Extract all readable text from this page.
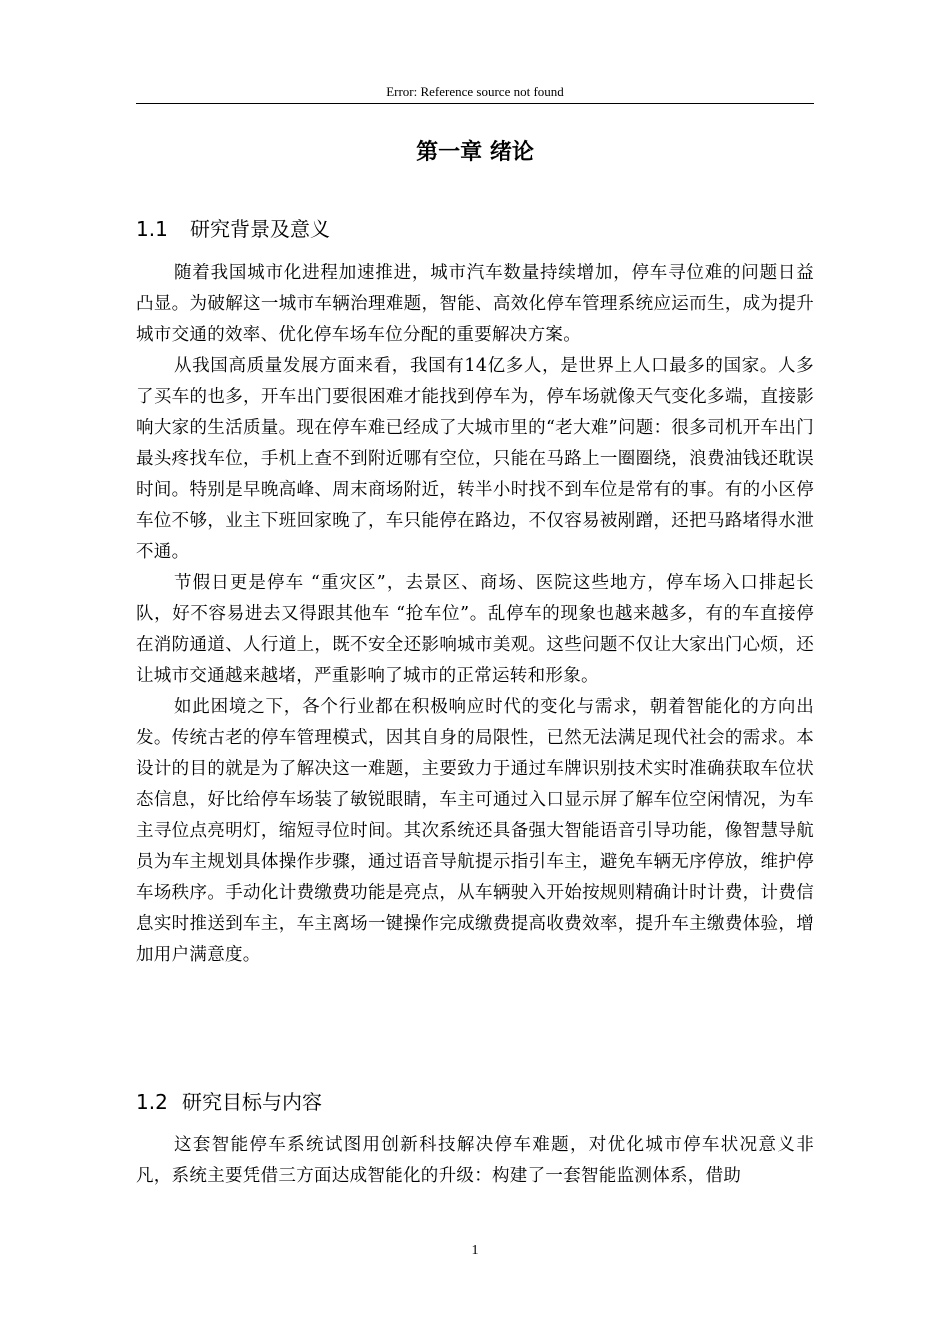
Error: Reference source not found
第一章 绪论
1.1 研究背景及意义

随着我国城市化进程加速推进，城市汽车数量持续增加，停车寻位难的问题日益凸显。为破解这一城市车辆治理难题，智能、高效化停车管理系统应运而生，成为提升城市交通的效率、优化停车场车位分配的重要解决方案。

从我国高质量发展方面来看，我国有14亿多人，是世界上人口最多的国家。人多了买车的也多，开车出门要很困难才能找到停车为，停车场就像天气变化多端，直接影响大家的生活质量。现在停车难已经成了大城市里的“老大难”问题：很多司机开车出门最头疼找车位，手机上查不到附近哪有空位，只能在马路上一圈圈绕，浪费油钱还耽误时间。特别是早晚高峰、周末商场附近，转半小时找不到车位是常有的事。有的小区停车位不够，业主下班回家晚了，车只能停在路边，不仅容易被剐蹭，还把马路堵得水泄不通。

节假日更是停车 “重灾区”，去景区、商场、医院这些地方，停车场入口排起长队，好不容易进去又得跟其他车 “抢车位”。乱停车的现象也越来越多，有的车直接停在消防通道、人行道上，既不安全还影响城市美观。这些问题不仅让大家出门心烦，还让城市交通越来越堵，严重影响了城市的正常运转和形象。

如此困境之下，各个行业都在积极响应时代的变化与需求，朝着智能化的方向出发。传统古老的停车管理模式，因其自身的局限性，已然无法满足现代社会的需求。本设计的目的就是为了解决这一难题，主要致力于通过车牌识别技术实时准确获取车位状态信息，好比给停车场装了敏锐眼睛，车主可通过入口显示屏了解车位空闲情况，为车主寻位点亮明灯，缩短寻位时间。其次系统还具备强大智能语音引导功能，像智慧导航员为车主规划具体操作步骤，通过语音导航提示指引车主，避免车辆无序停放，维护停车场秩序。手动化计费缴费功能是亮点，从车辆驶入开始按规则精确计时计费，计费信息实时推送到车主，车主离场一键操作完成缴费提高收费效率，提升车主缴费体验，增加用户满意度。

1.2 研究目标与内容

这套智能停车系统试图用创新科技解决停车难题，对优化城市停车状况意义非凡，系统主要凭借三方面达成智能化的升级：构建了一套智能监测体系，借助

1
